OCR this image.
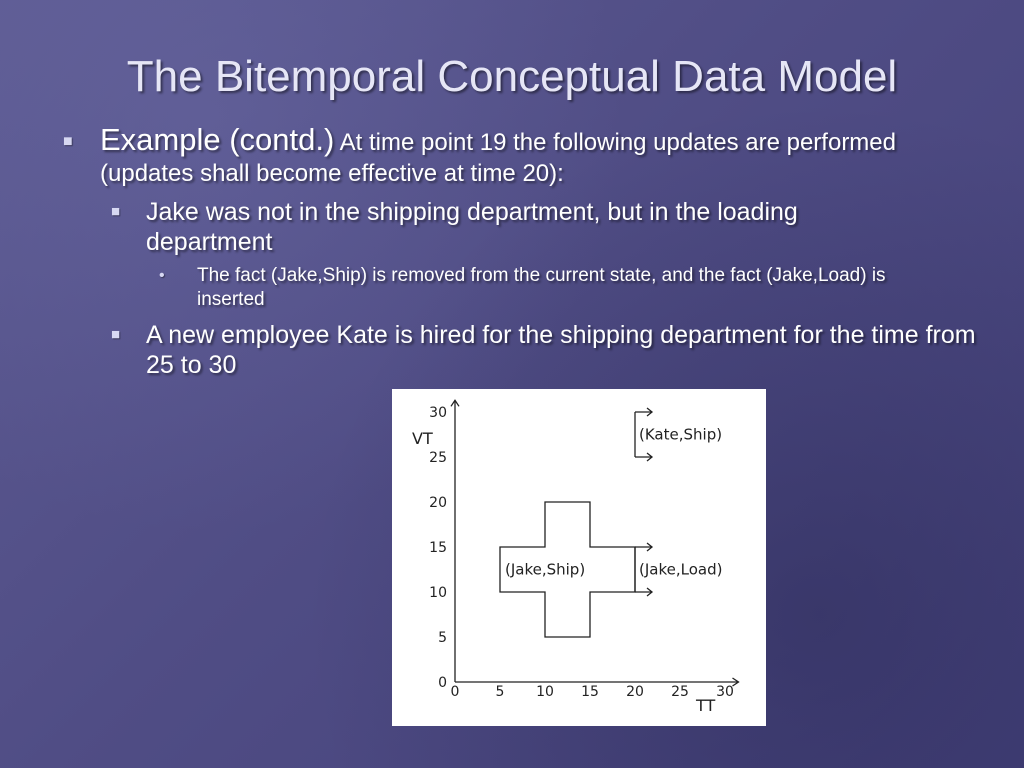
The Bitemporal Conceptual Data Model
■ Example (contd.) At time point 19 the following updates are performed (updates shall become effective at time 20):
■ Jake was not in the shipping department, but in the loading department
• The fact (Jake,Ship) is removed from the current state, and the fact (Jake,Load) is inserted
■ A new employee Kate is hired for the shipping department for the time from 25 to 30
0	5 10 15 20 25 30
0
5
10
15
20
25
30
(Jake,Ship)	(Jake,Load)
(Kate,Ship)
VT
TT
